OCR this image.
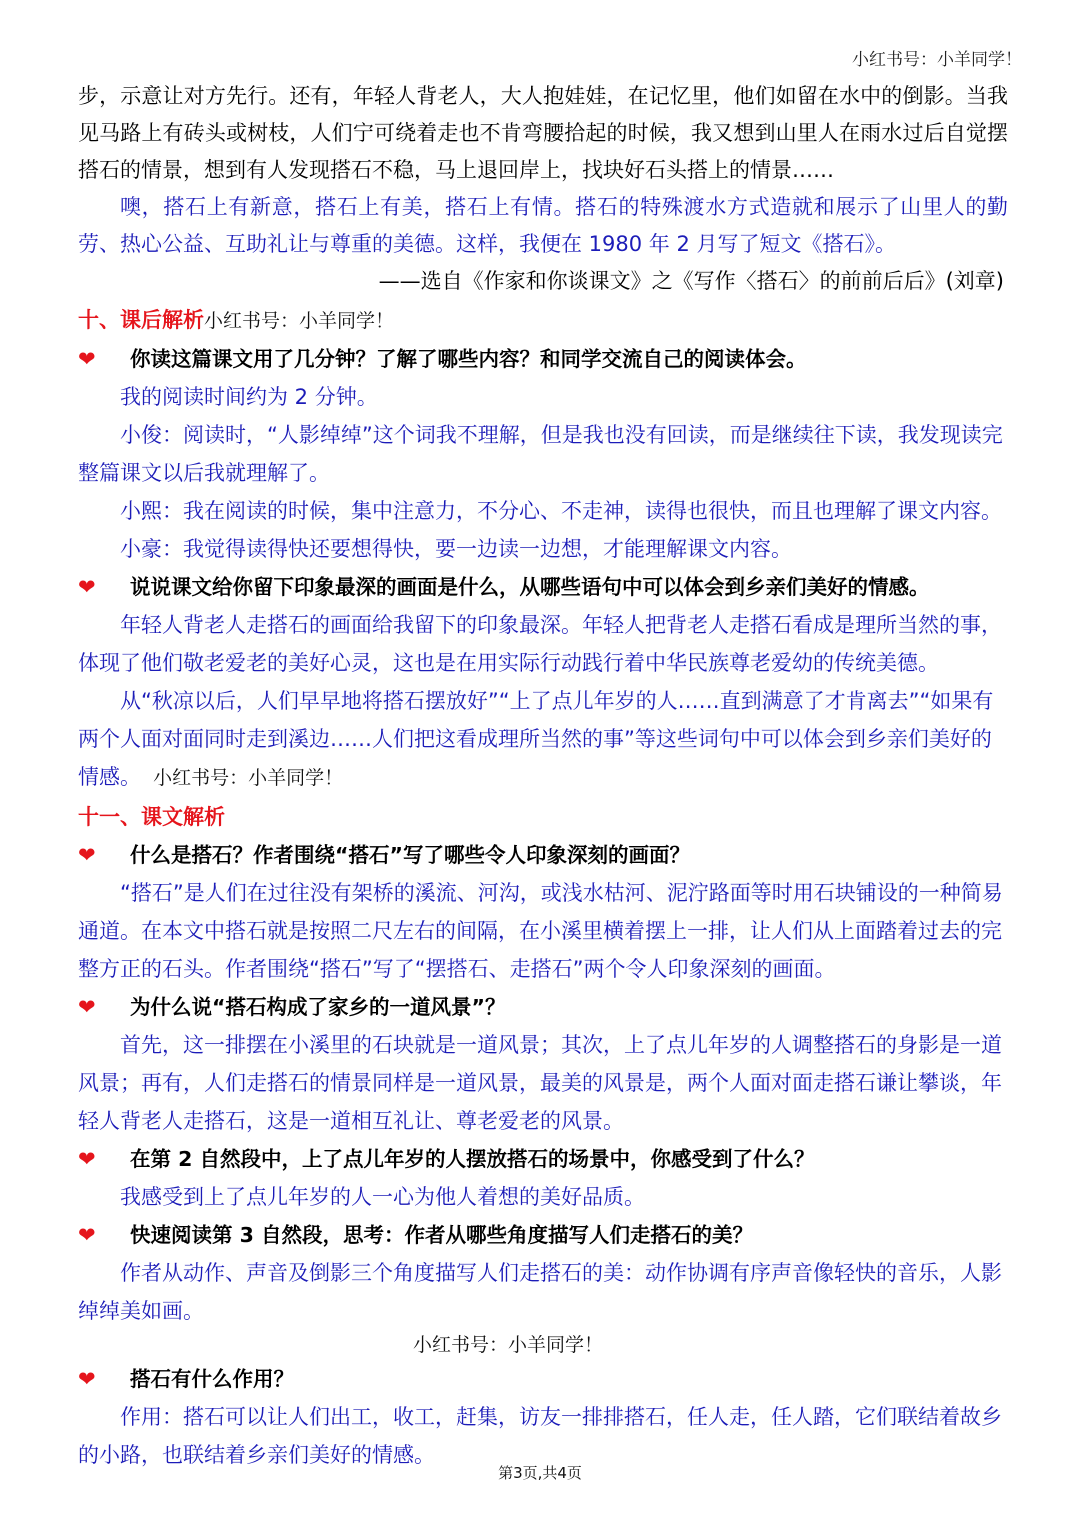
小红书号：小羊同学！

步，示意让对方先行。还有，年轻人背老人，大人抱娃娃，在记忆里，他们如留在水中的倒影。当我见马路上有砖头或树枝，人们宁可绕着走也不肯弯腰拾起的时候，我又想到山里人在雨水过后自觉摆搭石的情景，想到有人发现搭石不稳，马上退回岸上，找块好石头搭上的情景……

噢，搭石上有新意，搭石上有美，搭石上有情。搭石的特殊渡水方式造就和展示了山里人的勤劳、热心公益、互助礼让与尊重的美德。这样，我便在 1980 年 2 月写了短文《搭石》。

——选自《作家和你谈课文》之《写作〈搭石〉的前前后后》(刘章)

十、课后解析小红书号：小羊同学！
❤	你读这篇课文用了几分钟？了解了哪些内容？和同学交流自己的阅读体会。

我的阅读时间约为 2 分钟。

小俊：阅读时，“人影绰绰”这个词我不理解，但是我也没有回读，而是继续往下读，我发现读完整篇课文以后我就理解了。

小熙：我在阅读的时候，集中注意力，不分心、不走神，读得也很快，而且也理解了课文内容。

小豪：我觉得读得快还要想得快，要一边读一边想，才能理解课文内容。

❤	说说课文给你留下印象最深的画面是什么，从哪些语句中可以体会到乡亲们美好的情感。

年轻人背老人走搭石的画面给我留下的印象最深。年轻人把背老人走搭石看成是理所当然的事，体现了他们敬老爱老的美好心灵，这也是在用实际行动践行着中华民族尊老爱幼的传统美德。

从“秋凉以后，人们早早地将搭石摆放好”“上了点儿年岁的人……直到满意了才肯离去”“如果有两个人面对面同时走到溪边……人们把这看成理所当然的事”等这些词句中可以体会到乡亲们美好的情感。 小红书号：小羊同学！

十一、课文解析
❤	什么是搭石？作者围绕“搭石”写了哪些令人印象深刻的画面？

“搭石”是人们在过往没有架桥的溪流、河沟，或浅水枯河、泥泞路面等时用石块铺设的一种简易通道。在本文中搭石就是按照二尺左右的间隔，在小溪里横着摆上一排，让人们从上面踏着过去的完整方正的石头。作者围绕“搭石”写了“摆搭石、走搭石”两个令人印象深刻的画面。

❤	为什么说“搭石构成了家乡的一道风景”？

首先，这一排摆在小溪里的石块就是一道风景；其次，上了点儿年岁的人调整搭石的身影是一道风景；再有，人们走搭石的情景同样是一道风景，最美的风景是，两个人面对面走搭石谦让攀谈，年轻人背老人走搭石，这是一道相互礼让、尊老爱老的风景。

❤	在第 2 自然段中，上了点儿年岁的人摆放搭石的场景中，你感受到了什么？

我感受到上了点儿年岁的人一心为他人着想的美好品质。

❤	快速阅读第 3 自然段，思考：作者从哪些角度描写人们走搭石的美？

作者从动作、声音及倒影三个角度描写人们走搭石的美：动作协调有序声音像轻快的音乐，人影绰绰美如画。

小红书号：小羊同学！
❤	搭石有什么作用？

作用：搭石可以让人们出工，收工，赶集，访友一排排搭石，任人走，任人踏，它们联结着故乡的小路，也联结着乡亲们美好的情感。

第3页,共4页
